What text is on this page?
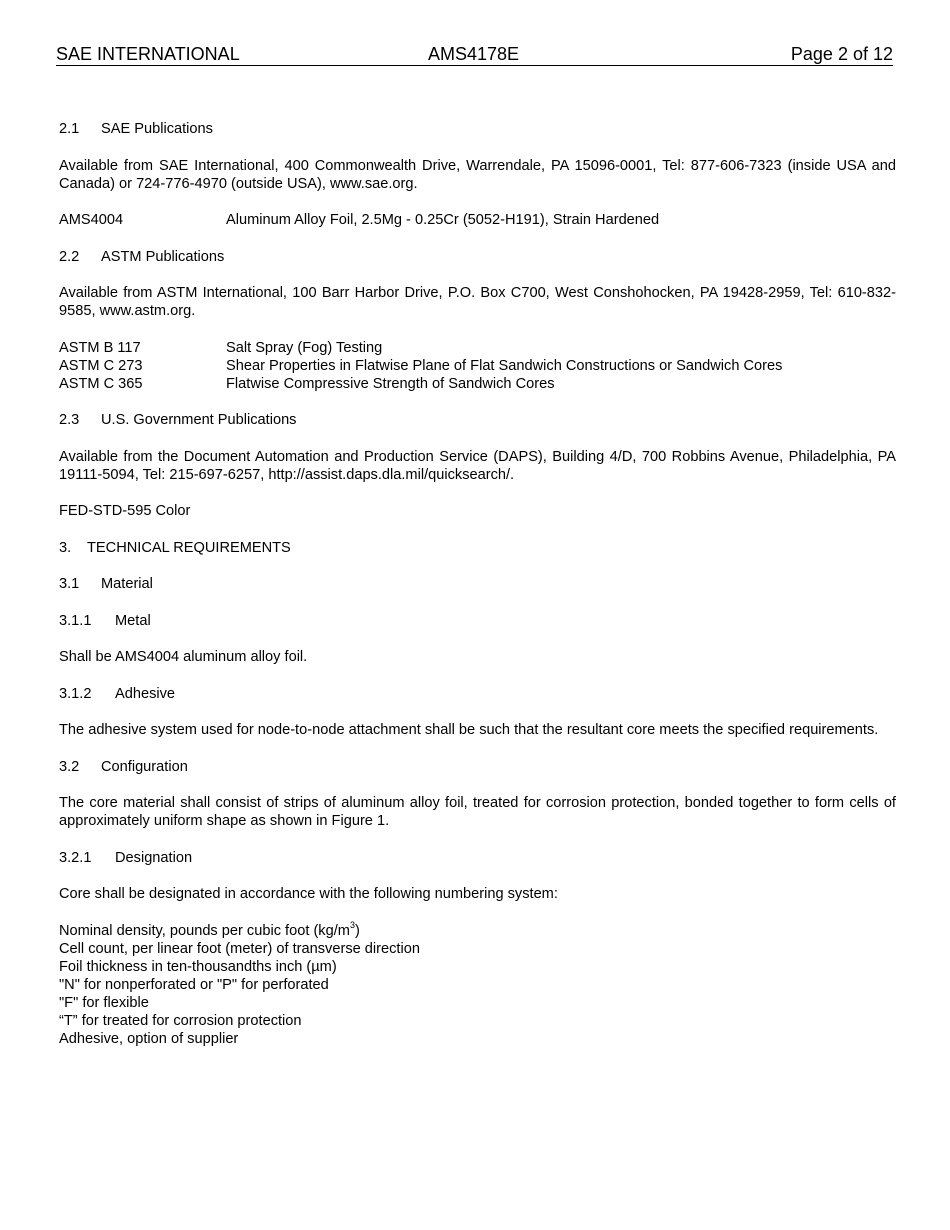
SAE INTERNATIONAL	AMS4178E	Page 2 of 12
2.1 SAE Publications

Available from SAE International, 400 Commonwealth Drive, Warrendale, PA 15096-0001, Tel: 877-606-7323 (inside USA and Canada) or 724-776-4970 (outside USA), www.sae.org.

AMS4004	Aluminum Alloy Foil, 2.5Mg - 0.25Cr (5052-H191), Strain Hardened
2.2 ASTM Publications

Available from ASTM International, 100 Barr Harbor Drive, P.O. Box C700, West Conshohocken, PA 19428-2959, Tel: 610-832-9585, www.astm.org.

ASTM B 117	Salt Spray (Fog) Testing
ASTM C 273	Shear Properties in Flatwise Plane of Flat Sandwich Constructions or Sandwich Cores
ASTM C 365	Flatwise Compressive Strength of Sandwich Cores
2.3 U.S. Government Publications

Available from the Document Automation and Production Service (DAPS), Building 4/D, 700 Robbins Avenue, Philadelphia, PA 19111-5094, Tel: 215-697-6257, http://assist.daps.dla.mil/quicksearch/.

FED-STD-595 Color

3. TECHNICAL REQUIREMENTS
3.1 Material
3.1.1 Metal

Shall be AMS4004 aluminum alloy foil.

3.1.2 Adhesive

The adhesive system used for node-to-node attachment shall be such that the resultant core meets the specified requirements.

3.2 Configuration

The core material shall consist of strips of aluminum alloy foil, treated for corrosion protection, bonded together to form cells of approximately uniform shape as shown in Figure 1.

3.2.1 Designation

Core shall be designated in accordance with the following numbering system:

Nominal density, pounds per cubic foot $(kg/m^3)$
Cell count, per linear foot (meter) of transverse direction
Foil thickness in ten-thousandths inch (µm)
"N" for nonperforated or "P" for perforated
"F" for flexible
“T” for treated for corrosion protection
Adhesive, option of supplier
